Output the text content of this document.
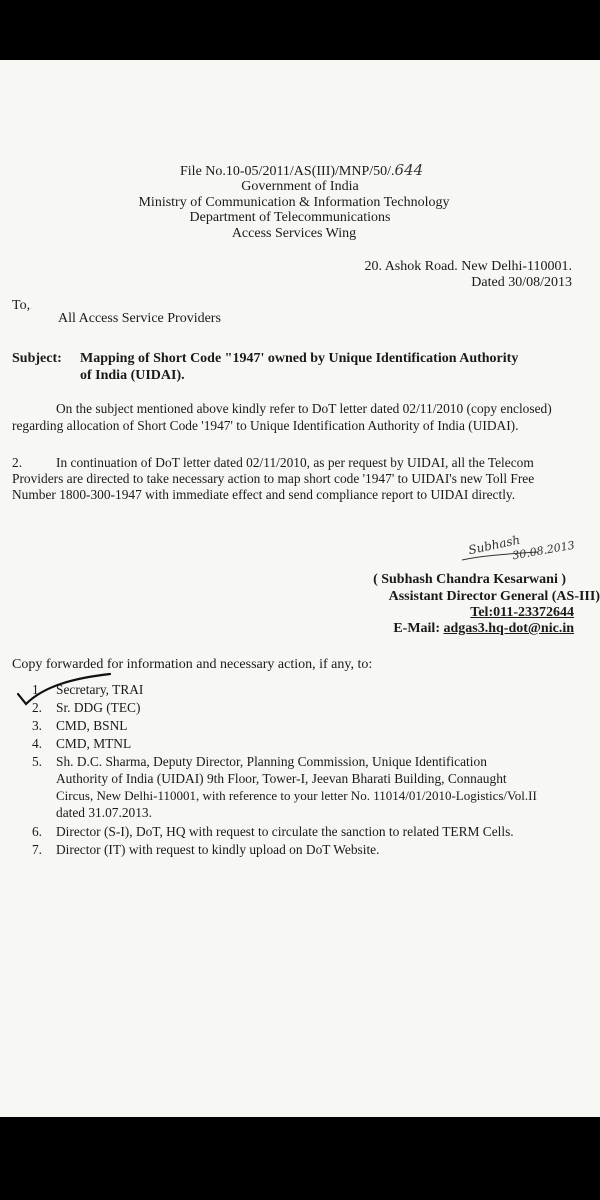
File No.10-05/2011/AS(III)/MNP/50/.644
Government of India
Ministry of Communication & Information Technology
Department of Telecommunications
Access Services Wing
20. Ashok Road. New Delhi-110001.
Dated 30/08/2013
To,
All Access Service Providers
Subject: Mapping of Short Code "1947' owned by Unique Identification Authority
of India (UIDAI).
On the subject mentioned above kindly refer to DoT letter dated 02/11/2010 (copy enclosed)
regarding allocation of Short Code '1947' to Unique Identification Authority of India (UIDAI).
2.	In continuation of DoT letter dated 02/11/2010, as per request by UIDAI, all the Telecom
Providers are directed to take necessary action to map short code '1947' to UIDAI's new Toll Free
Number 1800-300-1947 with immediate effect and send compliance report to UIDAI directly.
Subhash
30.08.2013
( Subhash Chandra Kesarwani )
Assistant Director General (AS-III)
Tel:011-23372644
E-Mail: adgas3.hq-dot@nic.in
Copy forwarded for information and necessary action, if any, to:
1. Secretary, TRAI
2. Sr. DDG (TEC)
3. CMD, BSNL
4. CMD, MTNL
5. Sh. D.C. Sharma, Deputy Director, Planning Commission, Unique Identification
Authority of India (UIDAI) 9th Floor, Tower-I, Jeevan Bharati Building, Connaught
Circus, New Delhi-110001, with reference to your letter No. 11014/01/2010-Logistics/Vol.II
dated 31.07.2013.
6. Director (S-I), DoT, HQ with request to circulate the sanction to related TERM Cells.
7. Director (IT) with request to kindly upload on DoT Website.
